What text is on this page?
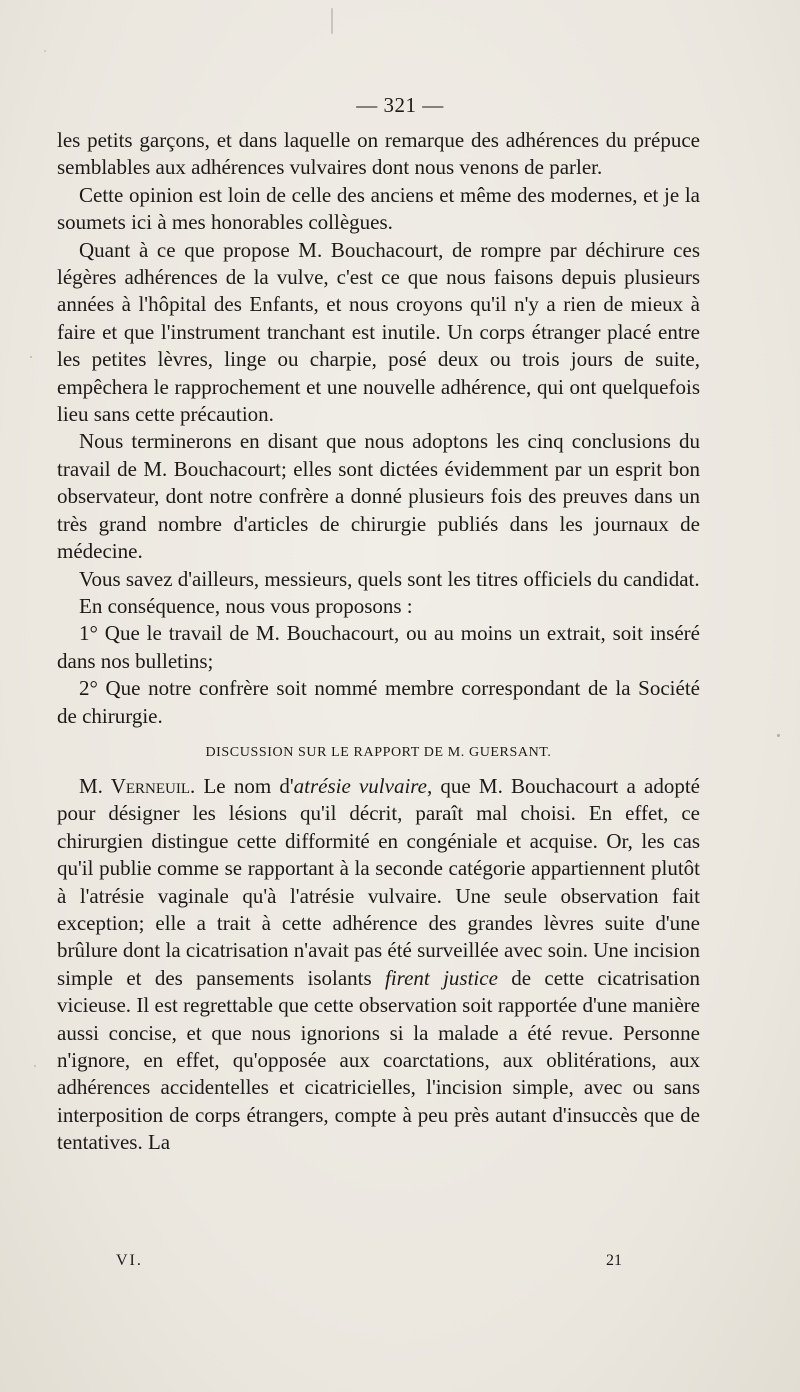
— 321 —

les petits garçons, et dans laquelle on remarque des adhérences du prépuce semblables aux adhérences vulvaires dont nous venons de parler.

Cette opinion est loin de celle des anciens et même des modernes, et je la soumets ici à mes honorables collègues.

Quant à ce que propose M. Bouchacourt, de rompre par déchirure ces légères adhérences de la vulve, c'est ce que nous faisons depuis plusieurs années à l'hôpital des Enfants, et nous croyons qu'il n'y a rien de mieux à faire et que l'instrument tranchant est inutile. Un corps étranger placé entre les petites lèvres, linge ou charpie, posé deux ou trois jours de suite, empêchera le rapprochement et une nouvelle adhérence, qui ont quelquefois lieu sans cette précaution.

Nous terminerons en disant que nous adoptons les cinq conclusions du travail de M. Bouchacourt; elles sont dictées évidemment par un esprit bon observateur, dont notre confrère a donné plusieurs fois des preuves dans un très grand nombre d'articles de chirurgie publiés dans les journaux de médecine.

Vous savez d'ailleurs, messieurs, quels sont les titres officiels du candidat.

En conséquence, nous vous proposons :

1° Que le travail de M. Bouchacourt, ou au moins un extrait, soit inséré dans nos bulletins;

2° Que notre confrère soit nommé membre correspondant de la Société de chirurgie.

DISCUSSION SUR LE RAPPORT DE M. GUERSANT.

M. Verneuil. Le nom d'atrésie vulvaire, que M. Bouchacourt a adopté pour désigner les lésions qu'il décrit, paraît mal choisi. En effet, ce chirurgien distingue cette difformité en congéniale et acquise. Or, les cas qu'il publie comme se rapportant à la seconde catégorie appartiennent plutôt à l'atrésie vaginale qu'à l'atrésie vulvaire. Une seule observation fait exception; elle a trait à cette adhérence des grandes lèvres suite d'une brûlure dont la cicatrisation n'avait pas été surveillée avec soin. Une incision simple et des pansements isolants firent justice de cette cicatrisation vicieuse. Il est regrettable que cette observation soit rapportée d'une manière aussi concise, et que nous ignorions si la malade a été revue. Personne n'ignore, en effet, qu'opposée aux coarctations, aux oblitérations, aux adhérences accidentelles et cicatricielles, l'incision simple, avec ou sans interposition de corps étrangers, compte à peu près autant d'insuccès que de tentatives. La

VI.	21
